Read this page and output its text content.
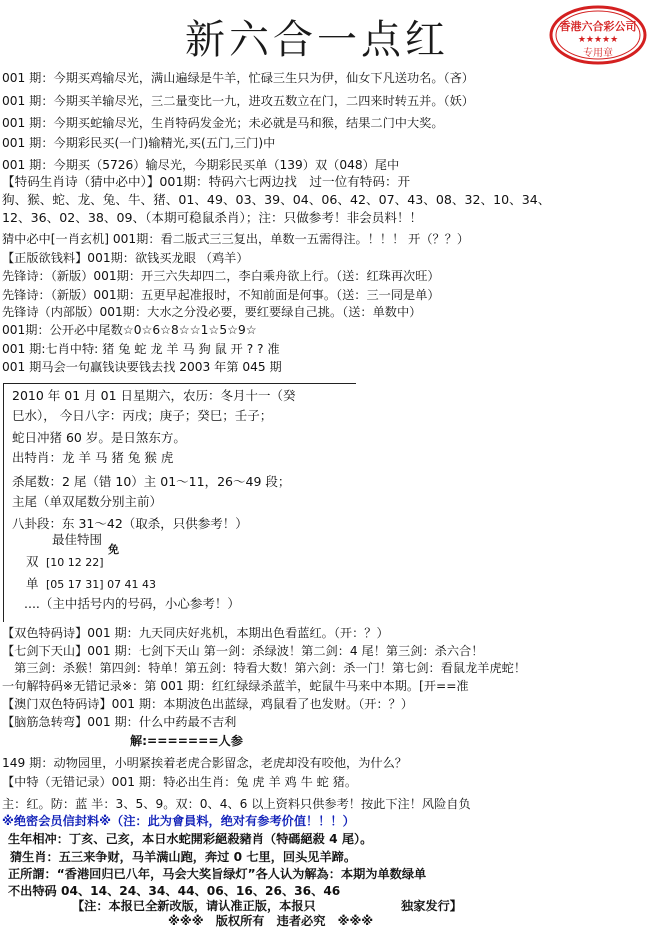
新六合一点红	香港六合彩公司
★★★★★
专用章
001 期：今期买鸡输尽光，满山遍绿是牛羊，忙碌三生只为伊，仙女下凡送功名。（吝）
001 期：今期买羊输尽光，三二量变比一九，进攻五数立在门，二四来时转五并。（妖）
001 期：今期买蛇输尽光，生肖特码发金光；未必就是马和猴，结果二门中大奖。
001 期：今期彩民买(一门)输精光,买(五门,三门)中
001 期：今期买（5726）输尽光，今期彩民买单（139）双（048）尾中
【特码生肖诗（猜中必中）】001期：特码六七两边找　过一位有特码：开
狗、猴、蛇、龙、兔、牛、猪、01、49、03、39、04、06、42、07、43、08、32、10、34、
12、36、02、38、09、（本期可稳鼠杀肖）；注：只做参考！非会员料！！
猜中必中[一肖玄机] 001期：看二版式三三复出，单数一五需得注。！！！ 开（？？）
【正版欲钱料】001期：欲钱买龙眼 （鸡羊）
先锋诗：（新版）001期：开三六失却四二，李白乘舟欲上行。（送：红珠再次旺）
先锋诗：（新版）001期：五更早起准报时，不知前面是何事。（送：三一同是单）
先锋诗（内部版）001期：大水之分没必要，要红要绿自己挑。（送：单数中）
001期：公开必中尾数☆0☆6☆8☆☆1☆5☆9☆
001 期:七肖中特: 猪 兔 蛇 龙 羊 马 狗 鼠 开 ? ? 准
001 期马会一句赢钱诀要钱去找 2003 年第 045 期
2010 年 01 月 01 日星期六，农历：冬月十一（癸
巳水）， 今日八字：丙戌；庚子；癸巳；壬子；
蛇日冲猪 60 岁。是日煞东方。
出特肖：龙 羊 马 猪 兔 猴 虎
杀尾数：2 尾（错 10）主 01～11，26～49 段；
主尾（单双尾数分别主前）
八卦段：东 31～42（取杀，只供参考！）
最佳特围
免
双 [10 12 22]
单 [05 17 31] 07 41 43
....（主中括号内的号码，小心参考！）
【双色特码诗】001 期：九天同庆好兆机，本期出色看蓝红。（开：？）
【七剑下天山】001 期：七剑下天山 第一剑：杀绿波！第二剑：4 尾！第三剑：杀六合！
　第三剑：杀猴！第四剑：特单！第五剑：特看大数！第六剑：杀一门！第七剑：看鼠龙羊虎蛇！
一句解特码※无错记录※：第 001 期：红红绿绿杀蓝羊，蛇鼠牛马来中本期。[开==准
【澳门双色特码诗】001 期：本期波色出蓝绿，鸡鼠看了也发财。（开：？）
【脑筋急转弯】001 期：什么中药最不吉利
解:=======人参
149 期：动物园里，小明紧挨着老虎合影留念，老虎却没有咬他，为什么？
【中特（无错记录）001 期：特必出生肖：兔 虎 羊 鸡 牛 蛇 猪。
主：红。防：蓝 半：3、5、9。双：0、4、6 以上资料只供参考！按此下注！风险自负
※绝密会员信封料※（注：此为會員料，绝对有参考价值！！！）
生年相冲：丁亥、己亥，本日水蛇開彩絕殺豬肖（特碼絕殺 4 尾）。
猜生肖：五三来争财，马羊满山跑，奔过 0 七里，回头见羊蹄。
正所謂：“香港回归已八年，马会大奖旨绿灯”各人认为解為：本期为单数绿单
不出特码 04、14、24、34、44、06、16、26、36、46
【注：本报已全新改版，请认准正版，本报只　　　　　　　独家发行】
※※※　版权所有　违者必究　※※※
